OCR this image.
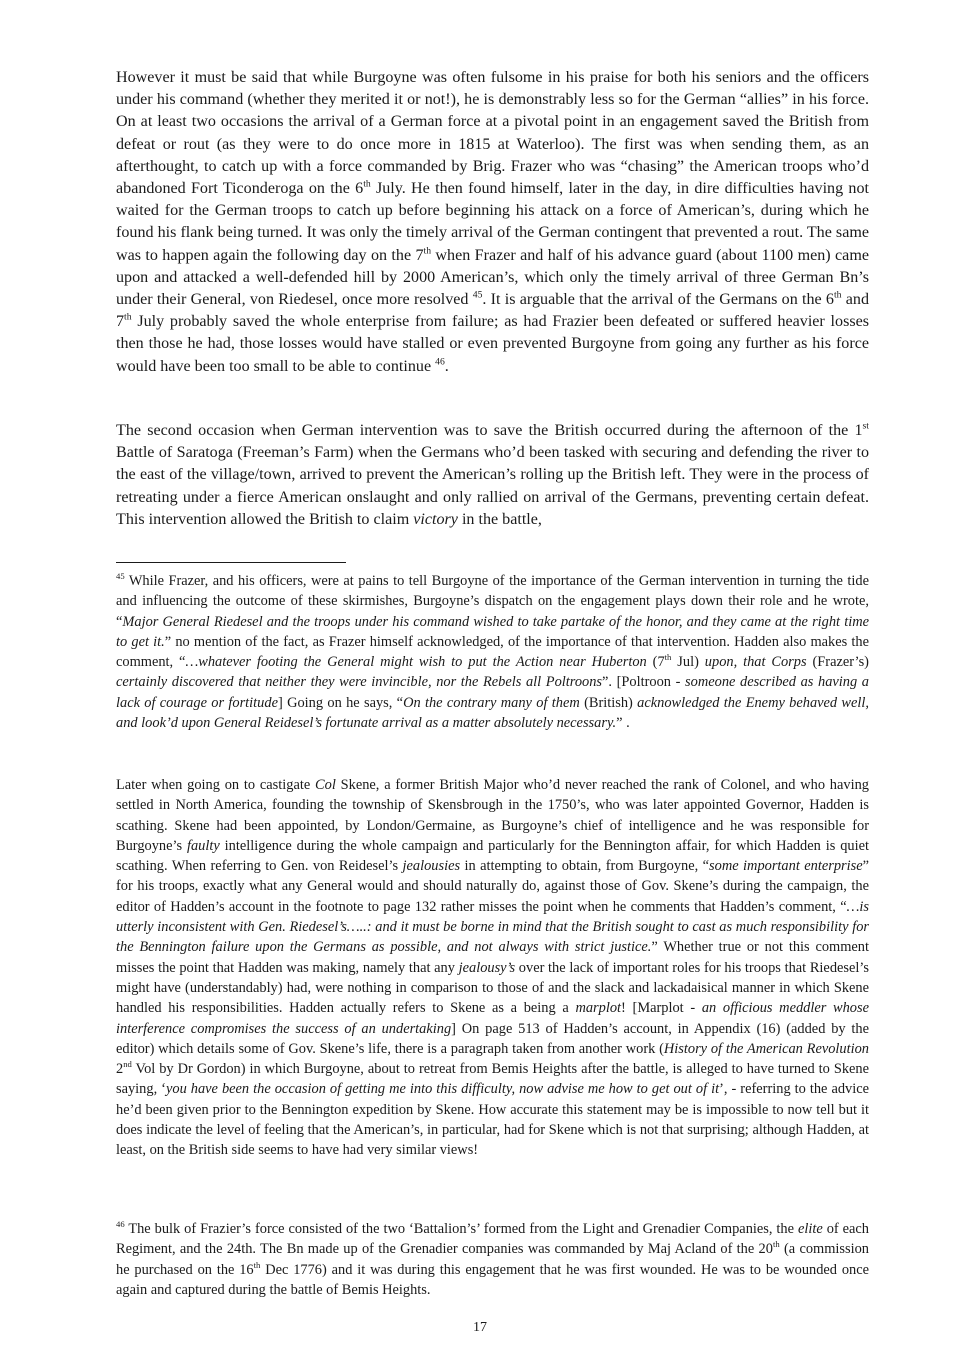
However it must be said that while Burgoyne was often fulsome in his praise for both his seniors and the officers under his command (whether they merited it or not!), he is demonstrably less so for the German “allies” in his force. On at least two occasions the arrival of a German force at a pivotal point in an engagement saved the British from defeat or rout (as they were to do once more in 1815 at Waterloo). The first was when sending them, as an afterthought, to catch up with a force commanded by Brig. Frazer who was “chasing” the American troops who’d abandoned Fort Ticonderoga on the 6th July. He then found himself, later in the day, in dire difficulties having not waited for the German troops to catch up before beginning his attack on a force of American’s, during which he found his flank being turned. It was only the timely arrival of the German contingent that prevented a rout. The same was to happen again the following day on the 7th when Frazer and half of his advance guard (about 1100 men) came upon and attacked a well-defended hill by 2000 American’s, which only the timely arrival of three German Bn’s under their General, von Riedesel, once more resolved $^{45}$. It is arguable that the arrival of the Germans on the 6th and 7th July probably saved the whole enterprise from failure; as had Frazier been defeated or suffered heavier losses then those he had, those losses would have stalled or even prevented Burgoyne from going any further as his force would have been too small to be able to continue $^{46}$.

The second occasion when German intervention was to save the British occurred during the afternoon of the 1st Battle of Saratoga (Freeman’s Farm) when the Germans who’d been tasked with securing and defending the river to the east of the village/town, arrived to prevent the American’s rolling up the British left. They were in the process of retreating under a fierce American onslaught and only rallied on arrival of the Germans, preventing certain defeat. This intervention allowed the British to claim victory in the battle,

$^{45}$ While Frazer, and his officers, were at pains to tell Burgoyne of the importance of the German intervention in turning the tide and influencing the outcome of these skirmishes, Burgoyne’s dispatch on the engagement plays down their role and he wrote, “Major General Riedesel and the troops under his command wished to take partake of the honor, and they came at the right time to get it.” no mention of the fact, as Frazer himself acknowledged, of the importance of that intervention. Hadden also makes the comment, “…whatever footing the General might wish to put the Action near Huberton (7th Jul) upon, that Corps (Frazer’s) certainly discovered that neither they were invincible, nor the Rebels all Poltroons”. [Poltroon - someone described as having a lack of courage or fortitude] Going on he says, “On the contrary many of them (British) acknowledged the Enemy behaved well, and look’d upon General Reidesel’s fortunate arrival as a matter absolutely necessary.” .

Later when going on to castigate Col Skene, a former British Major who’d never reached the rank of Colonel, and who having settled in North America, founding the township of Skensbrough in the 1750’s, who was later appointed Governor, Hadden is scathing. Skene had been appointed, by London/Germaine, as Burgoyne’s chief of intelligence and he was responsible for Burgoyne’s faulty intelligence during the whole campaign and particularly for the Bennington affair, for which Hadden is quiet scathing. When referring to Gen. von Reidesel’s jealousies in attempting to obtain, from Burgoyne, “some important enterprise” for his troops, exactly what any General would and should naturally do, against those of Gov. Skene’s during the campaign, the editor of Hadden’s account in the footnote to page 132 rather misses the point when he comments that Hadden’s comment, “…is utterly inconsistent with Gen. Riedesel’s…..: and it must be borne in mind that the British sought to cast as much responsibility for the Bennington failure upon the Germans as possible, and not always with strict justice.” Whether true or not this comment misses the point that Hadden was making, namely that any jealousy’s over the lack of important roles for his troops that Riedesel’s might have (understandably) had, were nothing in comparison to those of and the slack and lackadaisical manner in which Skene handled his responsibilities. Hadden actually refers to Skene as a being a marplot! [Marplot - an officious meddler whose interference compromises the success of an undertaking] On page 513 of Hadden’s account, in Appendix (16) (added by the editor) which details some of Gov. Skene’s life, there is a paragraph taken from another work (History of the American Revolution 2nd Vol by Dr Gordon) in which Burgoyne, about to retreat from Bemis Heights after the battle, is alleged to have turned to Skene saying, ‘you have been the occasion of getting me into this difficulty, now advise me how to get out of it’, - referring to the advice he’d been given prior to the Bennington expedition by Skene. How accurate this statement may be is impossible to now tell but it does indicate the level of feeling that the American’s, in particular, had for Skene which is not that surprising; although Hadden, at least, on the British side seems to have had very similar views!

$^{46}$ The bulk of Frazier’s force consisted of the two ‘Battalion’s’ formed from the Light and Grenadier Companies, the elite of each Regiment, and the 24th. The Bn made up of the Grenadier companies was commanded by Maj Acland of the 20th (a commission he purchased on the 16th Dec 1776) and it was during this engagement that he was first wounded. He was to be wounded once again and captured during the battle of Bemis Heights.

17
